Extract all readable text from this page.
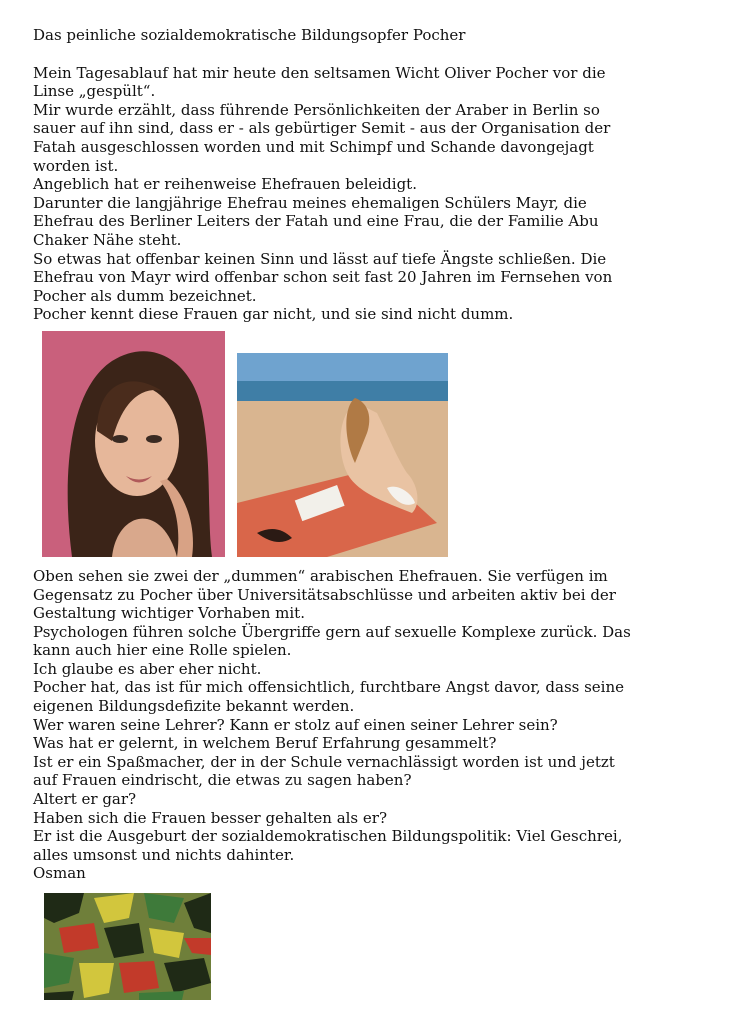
Das peinliche sozialdemokratische Bildungsopfer Pocher

Mein Tagesablauf hat mir heute den seltsamen Wicht Oliver Pocher vor die

Linse „gespült“.

Mir wurde erzählt, dass führende Persönlichkeiten der Araber in Berlin so

sauer auf ihn sind, dass er - als gebürtiger Semit - aus der Organisation der

Fatah ausgeschlossen worden und mit Schimpf und Schande davongejagt

worden ist.

Angeblich hat er reihenweise Ehefrauen beleidigt.

Darunter die langjährige Ehefrau meines ehemaligen Schülers Mayr, die

Ehefrau des Berliner Leiters der Fatah und eine Frau, die der Familie Abu

Chaker Nähe steht.

So etwas hat offenbar keinen Sinn und lässt auf tiefe Ängste schließen. Die

Ehefrau von Mayr wird offenbar schon seit fast 20 Jahren im Fernsehen von

Pocher als dumm bezeichnet.

Pocher kennt diese Frauen gar nicht, und sie sind nicht dumm.

Oben sehen sie zwei der „dummen“ arabischen Ehefrauen. Sie verfügen im

Gegensatz zu Pocher über Universitätsabschlüsse und arbeiten aktiv bei der

Gestaltung wichtiger Vorhaben mit.

Psychologen führen solche Übergriffe gern auf sexuelle Komplexe zurück. Das

kann auch hier eine Rolle spielen.

Ich glaube es aber eher nicht.

Pocher hat, das ist für mich offensichtlich, furchtbare Angst davor, dass seine

eigenen Bildungsdefizite bekannt werden.

Wer waren seine Lehrer? Kann er stolz auf einen seiner Lehrer sein?

Was hat er gelernt, in welchem Beruf Erfahrung gesammelt?

Ist er ein Spaßmacher, der in der Schule vernachlässigt worden ist und jetzt

auf Frauen eindrischt, die etwas zu sagen haben?

Altert er gar?

Haben sich die Frauen besser gehalten als er?

Er ist die Ausgeburt der sozialdemokratischen Bildungspolitik: Viel Geschrei,

alles umsonst und nichts dahinter.

Osman
